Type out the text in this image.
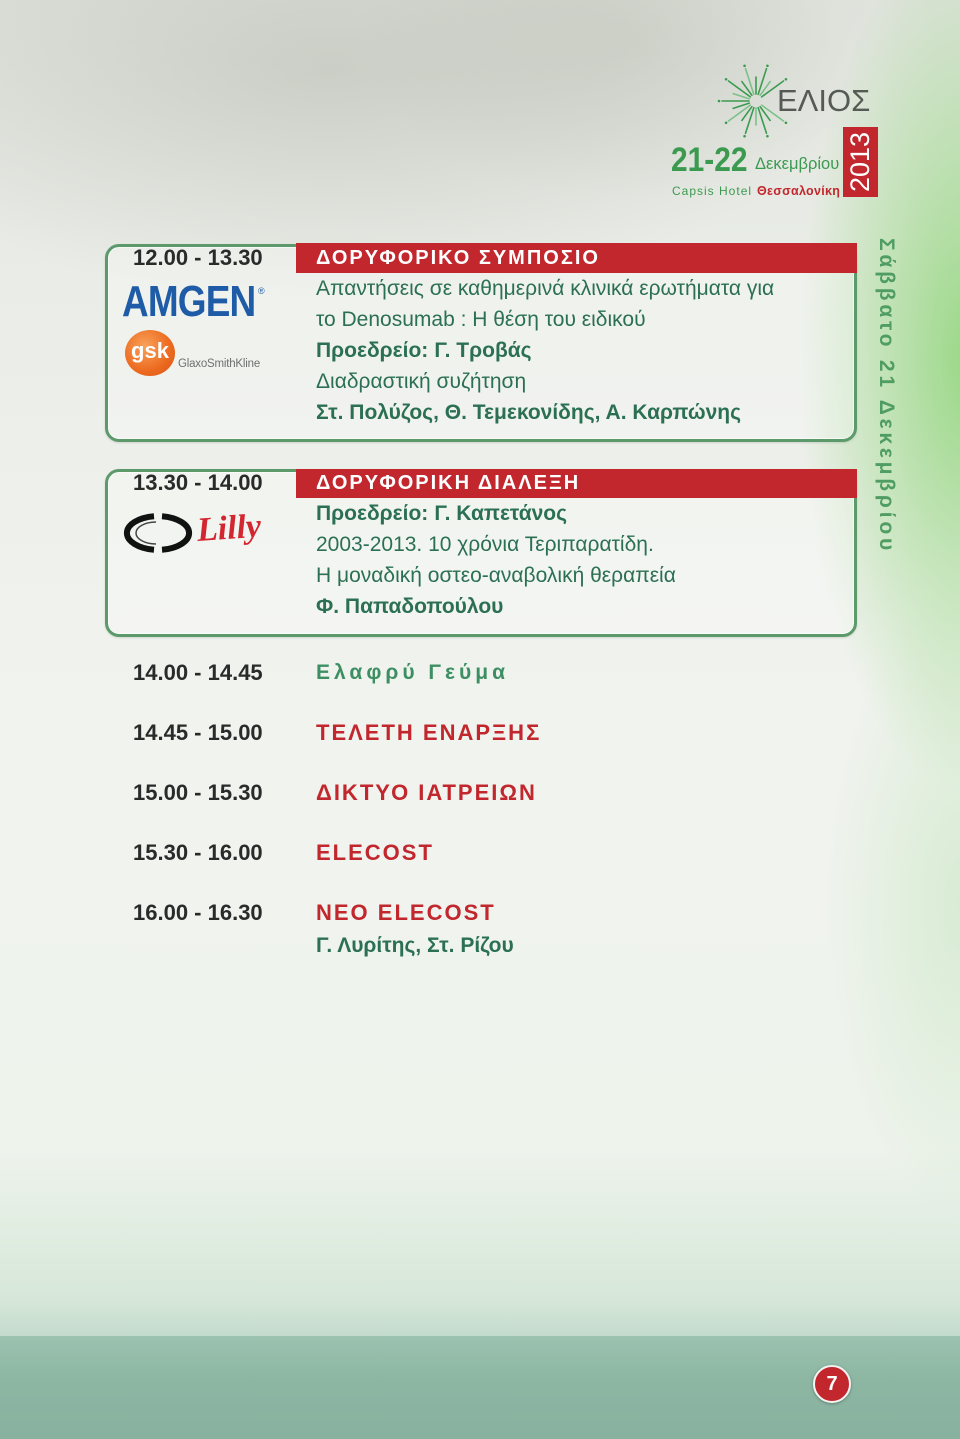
ΕΛΙΟΣ
21-22 Δεκεμβρίου 2013
Capsis Hotel Θεσσαλονίκη
Σάββατο 21 Δεκεμβρίου
ΔΟΡΥΦΟΡΙΚΟ ΣΥΜΠΟΣΙΟ
12.00 - 13.30
AMGEN ®
gsk
GlaxoSmithKline
Απαντήσεις σε καθημερινά κλινικά ερωτήματα για
το Denosumab : Η θέση του ειδικού
Προεδρείο: Γ. Τροβάς
Διαδραστική συζήτηση
Στ. Πολύζος, Θ. Τεμεκονίδης, Α. Καρπώνης
ΔΟΡΥΦΟΡΙΚΗ ΔΙΑΛΕΞΗ
13.30 - 14.00
Lilly	Προεδρείο: Γ. Καπετάνος
2003-2013. 10 χρόνια Τεριπαρατίδη.
Η μοναδική οστεο-αναβολική θεραπεία
Φ. Παπαδοπούλου
14.00 - 14.45	Ελαφρύ Γεύμα
14.45 - 15.00 ΤΕΛΕΤΗ ΕΝΑΡΞΗΣ
15.00 - 15.30 ΔΙΚΤΥΟ ΙΑΤΡΕΙΩΝ
15.30 - 16.00 ELECOST
16.00 - 16.30 ΝΕΟ ELECOST
Γ. Λυρίτης, Στ. Ρίζου
7
